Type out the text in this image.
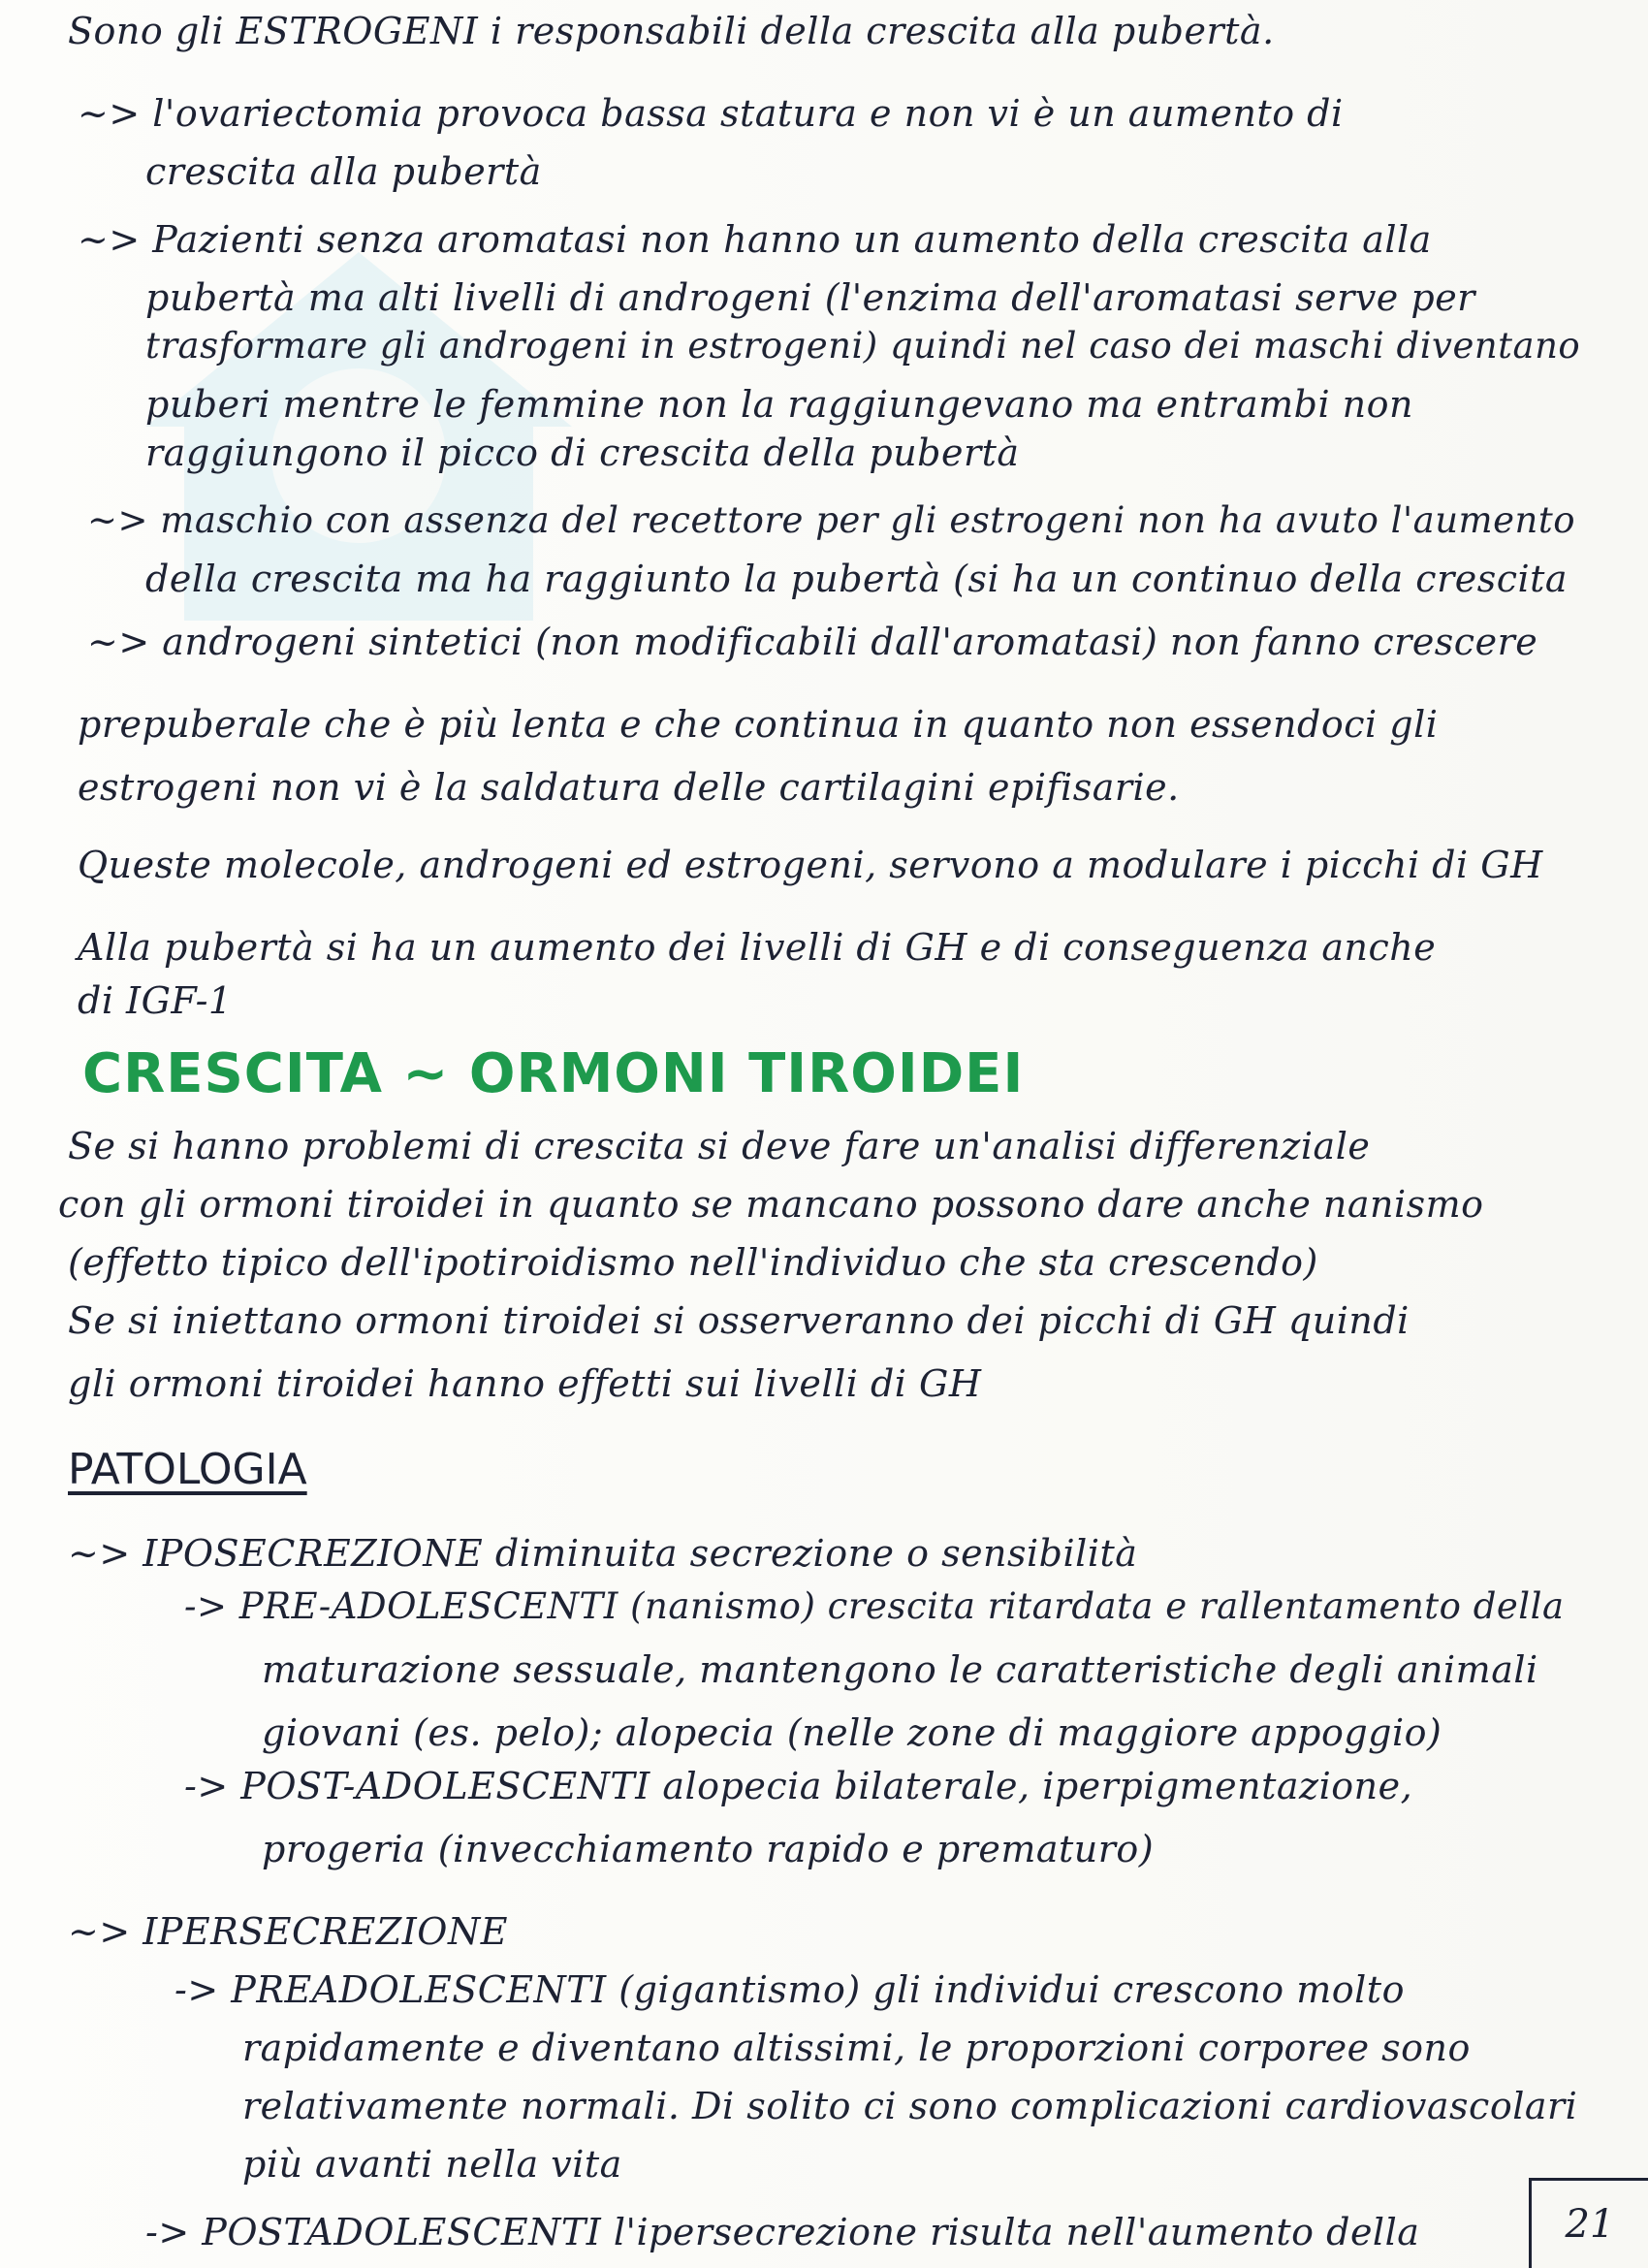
Sono gli ESTROGENI i responsabili della crescita alla pubertà.
~> l'ovariectomia provoca bassa statura e non vi è un aumento di
crescita alla pubertà
~> Pazienti senza aromatasi non hanno un aumento della crescita alla
pubertà ma alti livelli di androgeni (l'enzima dell'aromatasi serve per
trasformare gli androgeni in estrogeni) quindi nel caso dei maschi diventano
puberi mentre le femmine non la raggiungevano ma entrambi non
raggiungono il picco di crescita della pubertà
~> maschio con assenza del recettore per gli estrogeni non ha avuto l'aumento
della crescita ma ha raggiunto la pubertà (si ha un continuo della crescita
~> androgeni sintetici (non modificabili dall'aromatasi) non fanno crescere
prepuberale che è più lenta e che continua in quanto non essendoci gli
estrogeni non vi è la saldatura delle cartilagini epifisarie.
Queste molecole, androgeni ed estrogeni, servono a modulare i picchi di GH
Alla pubertà si ha un aumento dei livelli di GH e di conseguenza anche
di IGF-1
CRESCITA ~ ORMONI TIROIDEI
Se si hanno problemi di crescita si deve fare un'analisi differenziale
con gli ormoni tiroidei in quanto se mancano possono dare anche nanismo
(effetto tipico dell'ipotiroidismo nell'individuo che sta crescendo)
Se si iniettano ormoni tiroidei si osserveranno dei picchi di GH quindi
gli ormoni tiroidei hanno effetti sui livelli di GH
PATOLOGIA
~> IPOSECREZIONE diminuita secrezione o sensibilità
-> PRE-ADOLESCENTI (nanismo) crescita ritardata e rallentamento della
maturazione sessuale, mantengono le caratteristiche degli animali
giovani (es. pelo); alopecia (nelle zone di maggiore appoggio)
-> POST-ADOLESCENTI alopecia bilaterale, iperpigmentazione,
progeria (invecchiamento rapido e prematuro)
~> IPERSECREZIONE
-> PREADOLESCENTI (gigantismo) gli individui crescono molto
rapidamente e diventano altissimi, le proporzioni corporee sono
relativamente normali. Di solito ci sono complicazioni cardiovascolari
più avanti nella vita
-> POSTADOLESCENTI l'ipersecrezione risulta nell'aumento della	21
